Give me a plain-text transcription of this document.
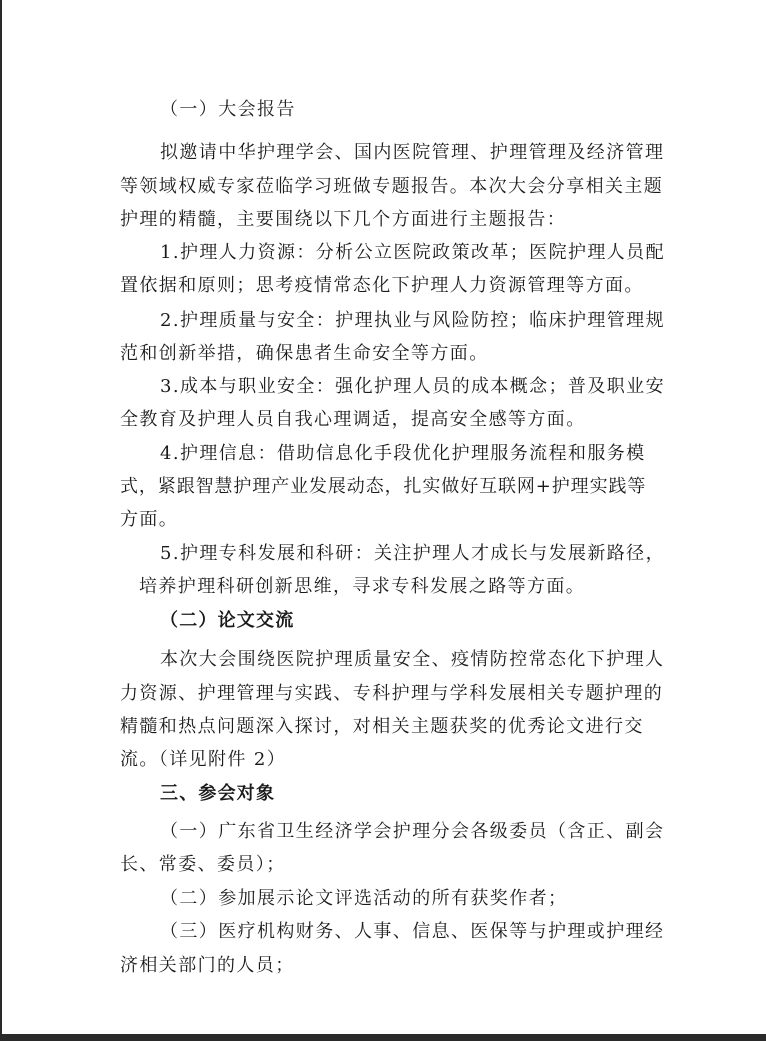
（一）大会报告
拟邀请中华护理学会、国内医院管理、护理管理及经济管理
等领域权威专家莅临学习班做专题报告。本次大会分享相关主题
护理的精髓，主要围绕以下几个方面进行主题报告：
1.护理人力资源：分析公立医院政策改革；医院护理人员配
置依据和原则；思考疫情常态化下护理人力资源管理等方面。
2.护理质量与安全：护理执业与风险防控；临床护理管理规
范和创新举措，确保患者生命安全等方面。
3.成本与职业安全：强化护理人员的成本概念；普及职业安
全教育及护理人员自我心理调适，提高安全感等方面。
4.护理信息：借助信息化手段优化护理服务流程和服务模
式，紧跟智慧护理产业发展动态，扎实做好互联网+护理实践等
方面。
5.护理专科发展和科研：关注护理人才成长与发展新路径，
培养护理科研创新思维，寻求专科发展之路等方面。
（二）论文交流
本次大会围绕医院护理质量安全、疫情防控常态化下护理人
力资源、护理管理与实践、专科护理与学科发展相关专题护理的
精髓和热点问题深入探讨，对相关主题获奖的优秀论文进行交
流。（详见附件 2）
三、参会对象
（一）广东省卫生经济学会护理分会各级委员（含正、副会
长、常委、委员）；
（二）参加展示论文评选活动的所有获奖作者；
（三）医疗机构财务、人事、信息、医保等与护理或护理经
济相关部门的人员；
